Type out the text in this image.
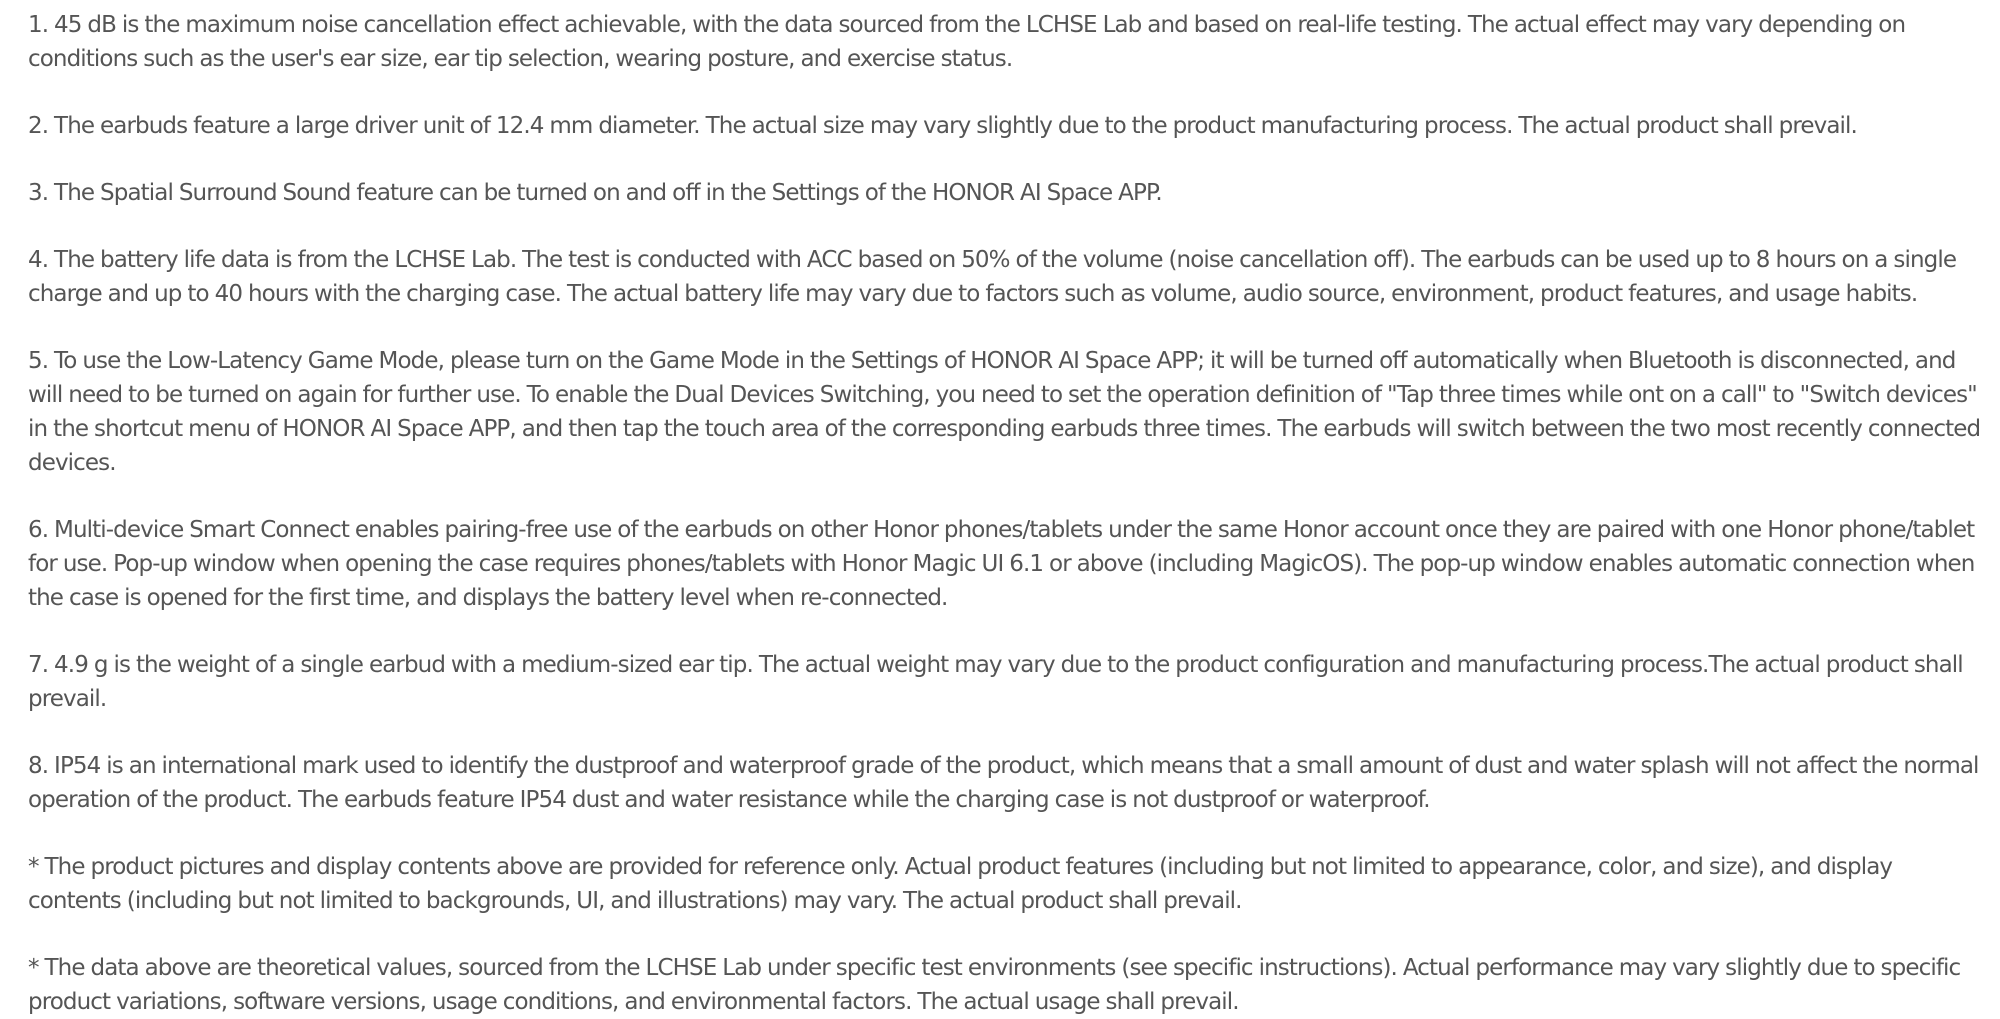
1. 45 dB is the maximum noise cancellation effect achievable, with the data sourced from the LCHSE Lab and based on real-life testing. The actual effect may vary depending on conditions such as the user's ear size, ear tip selection, wearing posture, and exercise status.

2. The earbuds feature a large driver unit of 12.4 mm diameter. The actual size may vary slightly due to the product manufacturing process. The actual product shall prevail.

3. The Spatial Surround Sound feature can be turned on and off in the Settings of the HONOR AI Space APP.

4. The battery life data is from the LCHSE Lab. The test is conducted with ACC based on 50% of the volume (noise cancellation off). The earbuds can be used up to 8 hours on a single charge and up to 40 hours with the charging case. The actual battery life may vary due to factors such as volume, audio source, environment, product features, and usage habits.

5. To use the Low-Latency Game Mode, please turn on the Game Mode in the Settings of HONOR AI Space APP; it will be turned off automatically when Bluetooth is disconnected, and will need to be turned on again for further use. To enable the Dual Devices Switching, you need to set the operation definition of "Tap three times while ont on a call" to "Switch devices" in the shortcut menu of HONOR AI Space APP, and then tap the touch area of the corresponding earbuds three times. The earbuds will switch between the two most recently connected devices.

6. Multi-device Smart Connect enables pairing-free use of the earbuds on other Honor phones/tablets under the same Honor account once they are paired with one Honor phone/tablet for use. Pop-up window when opening the case requires phones/tablets with Honor Magic UI 6.1 or above (including MagicOS). The pop-up window enables automatic connection when the case is opened for the first time, and displays the battery level when re-connected.

7. 4.9 g is the weight of a single earbud with a medium-sized ear tip. The actual weight may vary due to the product configuration and manufacturing process.The actual product shall prevail.

8. IP54 is an international mark used to identify the dustproof and waterproof grade of the product, which means that a small amount of dust and water splash will not affect the normal operation of the product. The earbuds feature IP54 dust and water resistance while the charging case is not dustproof or waterproof.

* The product pictures and display contents above are provided for reference only. Actual product features (including but not limited to appearance, color, and size), and display contents (including but not limited to backgrounds, UI, and illustrations) may vary. The actual product shall prevail.

* The data above are theoretical values, sourced from the LCHSE Lab under specific test environments (see specific instructions). Actual performance may vary slightly due to specific product variations, software versions, usage conditions, and environmental factors. The actual usage shall prevail.
